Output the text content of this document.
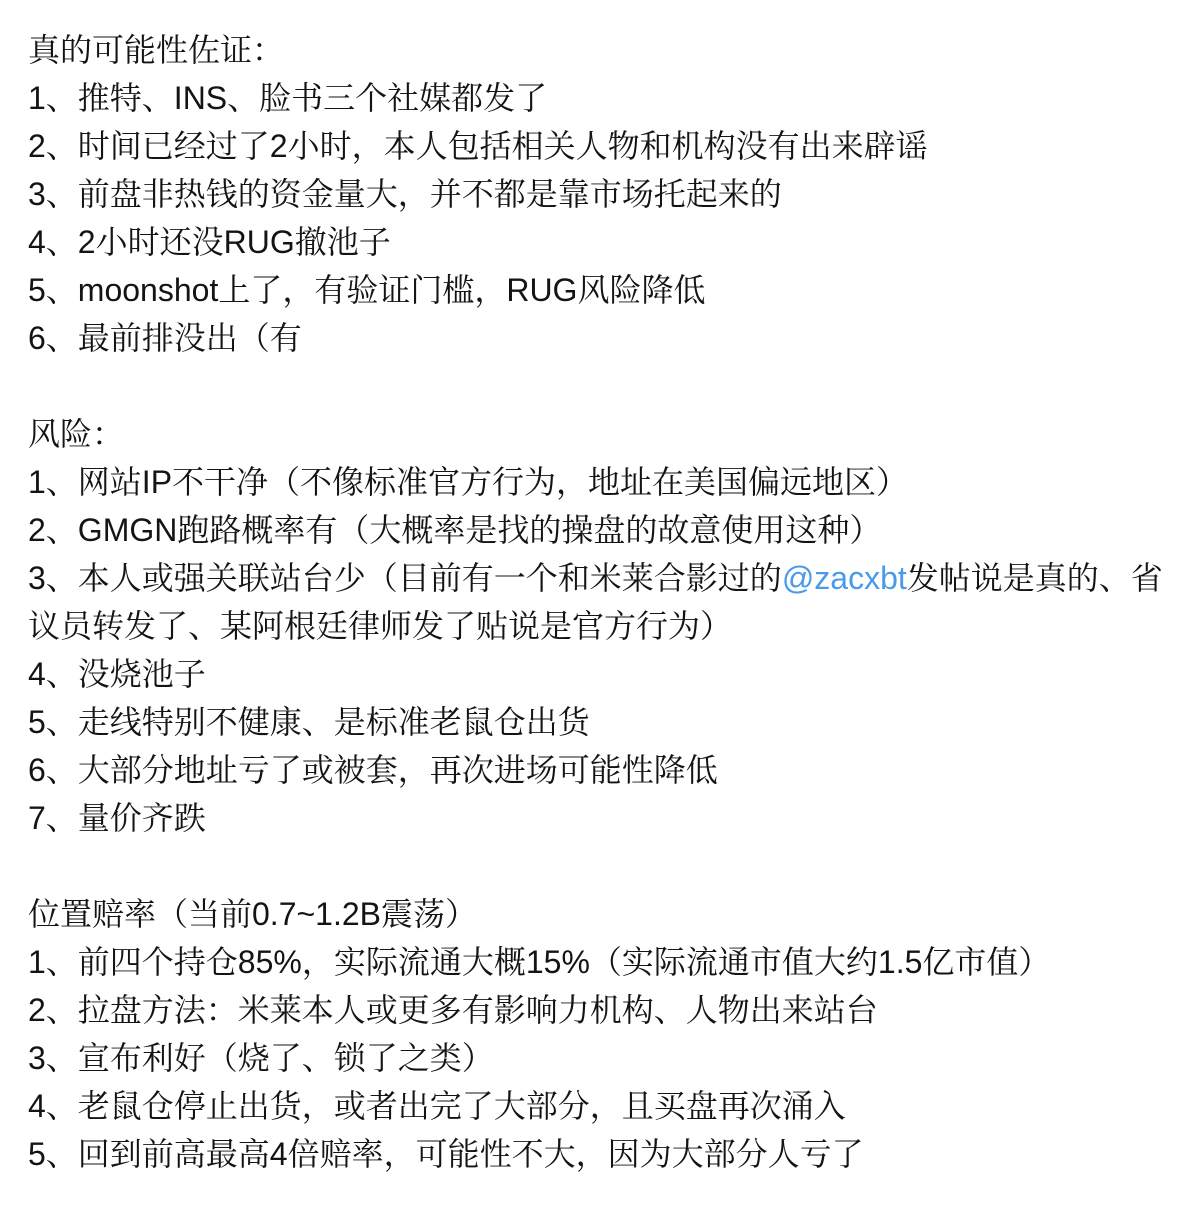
真的可能性佐证：
1、推特、INS、脸书三个社媒都发了
2、时间已经过了2小时，本人包括相关人物和机构没有出来辟谣
3、前盘非热钱的资金量大，并不都是靠市场托起来的
4、2小时还没RUG撤池子
5、moonshot上了，有验证门槛，RUG风险降低
6、最前排没出（有
风险：
1、网站IP不干净（不像标准官方行为，地址在美国偏远地区）
2、GMGN跑路概率有（大概率是找的操盘的故意使用这种）
3、本人或强关联站台少（目前有一个和米莱合影过的@zacxbt发帖说是真的、省议员转发了、某阿根廷律师发了贴说是官方行为）
4、没烧池子
5、走线特别不健康、是标准老鼠仓出货
6、大部分地址亏了或被套，再次进场可能性降低
7、量价齐跌
位置赔率（当前0.7~1.2B震荡）
1、前四个持仓85%，实际流通大概15%（实际流通市值大约1.5亿市值）
2、拉盘方法：米莱本人或更多有影响力机构、人物出来站台
3、宣布利好（烧了、锁了之类）
4、老鼠仓停止出货，或者出完了大部分，且买盘再次涌入
5、回到前高最高4倍赔率，可能性不大，因为大部分人亏了
